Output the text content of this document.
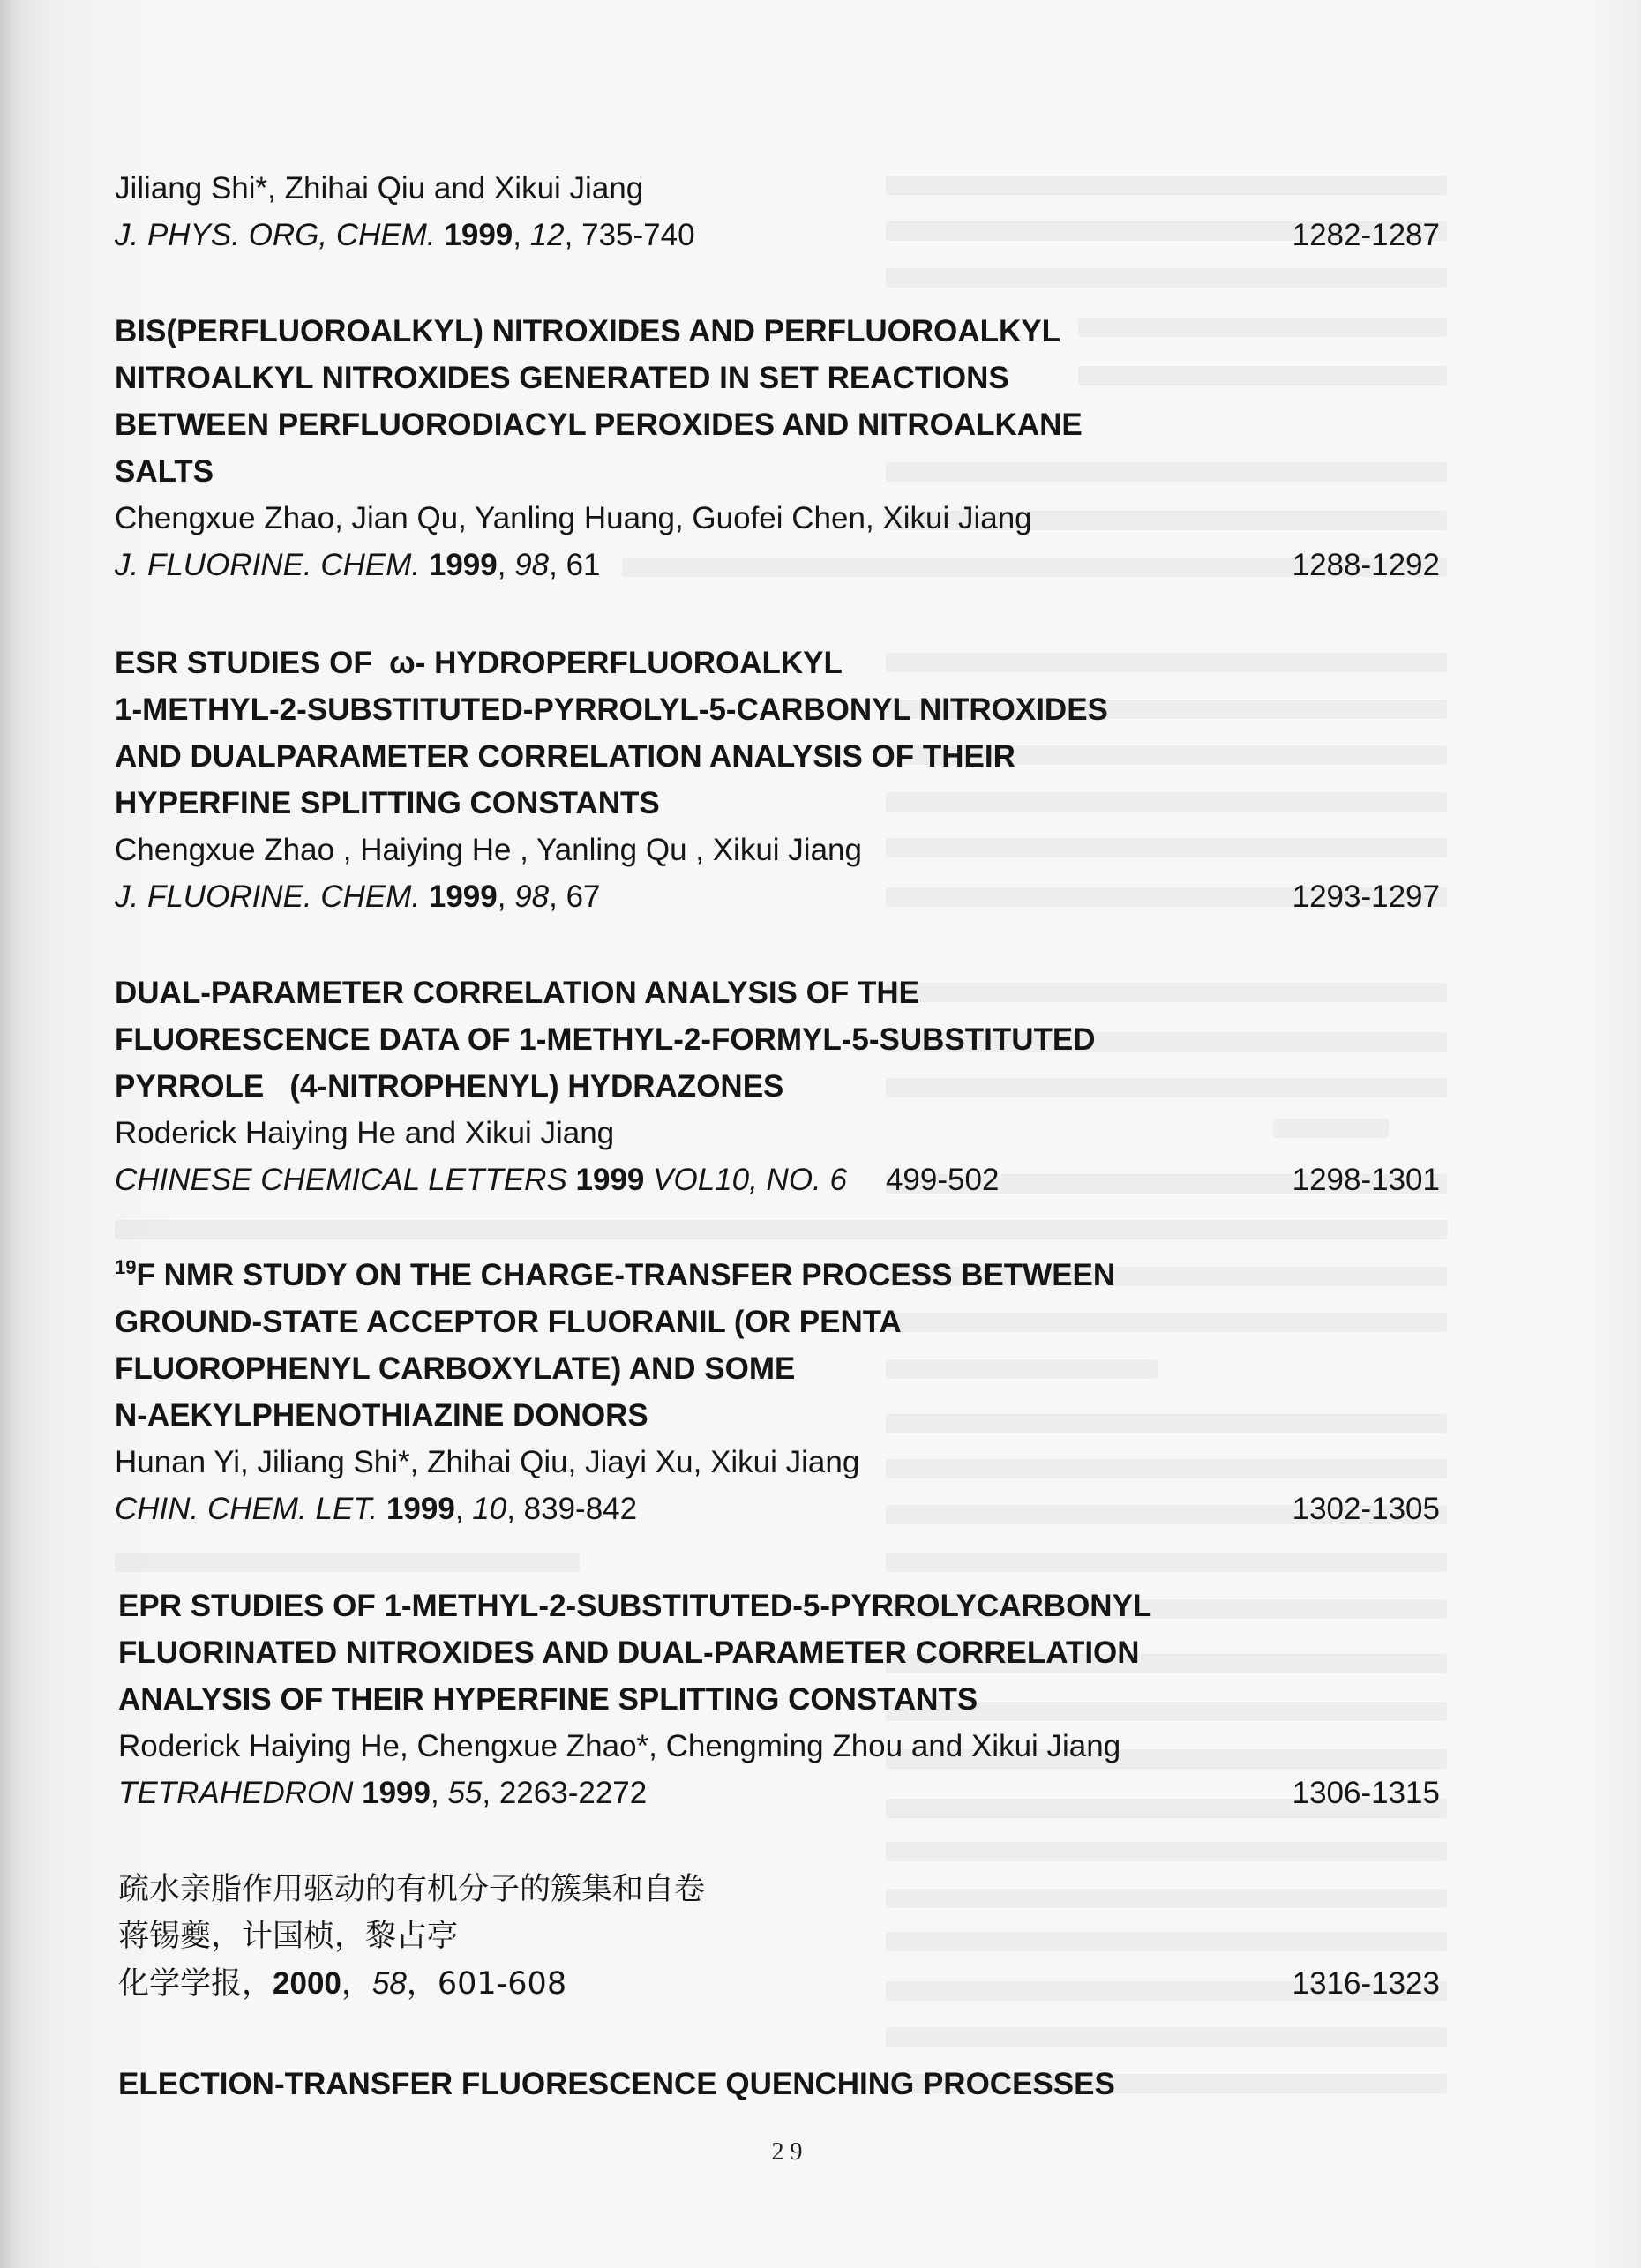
Jiliang Shi*, Zhihai Qiu and Xikui Jiang
J. PHYS. ORG, CHEM. 1999, 12, 735-740	1282-1287
BIS(PERFLUOROALKYL) NITROXIDES AND PERFLUOROALKYL
NITROALKYL NITROXIDES GENERATED IN SET REACTIONS
BETWEEN PERFLUORODIACYL PEROXIDES AND NITROALKANE
SALTS
Chengxue Zhao, Jian Qu, Yanling Huang, Guofei Chen, Xikui Jiang
J. FLUORINE. CHEM. 1999, 98, 61	1288-1292
ESR STUDIES OF  ω- HYDROPERFLUOROALKYL
1-METHYL-2-SUBSTITUTED-PYRROLYL-5-CARBONYL NITROXIDES
AND DUALPARAMETER CORRELATION ANALYSIS OF THEIR
HYPERFINE SPLITTING CONSTANTS
Chengxue Zhao , Haiying He , Yanling Qu , Xikui Jiang
J. FLUORINE. CHEM. 1999, 98, 67	1293-1297
DUAL-PARAMETER CORRELATION ANALYSIS OF THE
FLUORESCENCE DATA OF 1-METHYL-2-FORMYL-5-SUBSTITUTED
PYRROLE   (4-NITROPHENYL) HYDRAZONES
Roderick Haiying He and Xikui Jiang
CHINESE CHEMICAL LETTERS 1999 VOL10, NO. 6 499-502	1298-1301
$^{19}$F NMR STUDY ON THE CHARGE-TRANSFER PROCESS BETWEEN
GROUND-STATE ACCEPTOR FLUORANIL (OR PENTA
FLUOROPHENYL CARBOXYLATE) AND SOME
N-AEKYLPHENOTHIAZINE DONORS
Hunan Yi, Jiliang Shi*, Zhihai Qiu, Jiayi Xu, Xikui Jiang
CHIN. CHEM. LET. 1999, 10, 839-842	1302-1305
EPR STUDIES OF 1-METHYL-2-SUBSTITUTED-5-PYRROLYCARBONYL
FLUORINATED NITROXIDES AND DUAL-PARAMETER CORRELATION
ANALYSIS OF THEIR HYPERFINE SPLITTING CONSTANTS
Roderick Haiying He, Chengxue Zhao*, Chengming Zhou and Xikui Jiang
TETRAHEDRON 1999, 55, 2263-2272	1306-1315
疏水亲脂作用驱动的有机分子的簇集和自卷
蒋锡夔，计国桢，黎占亭
化学学报，2000，58，601-608	1316-1323
ELECTION-TRANSFER FLUORESCENCE QUENCHING PROCESSES
2 9
